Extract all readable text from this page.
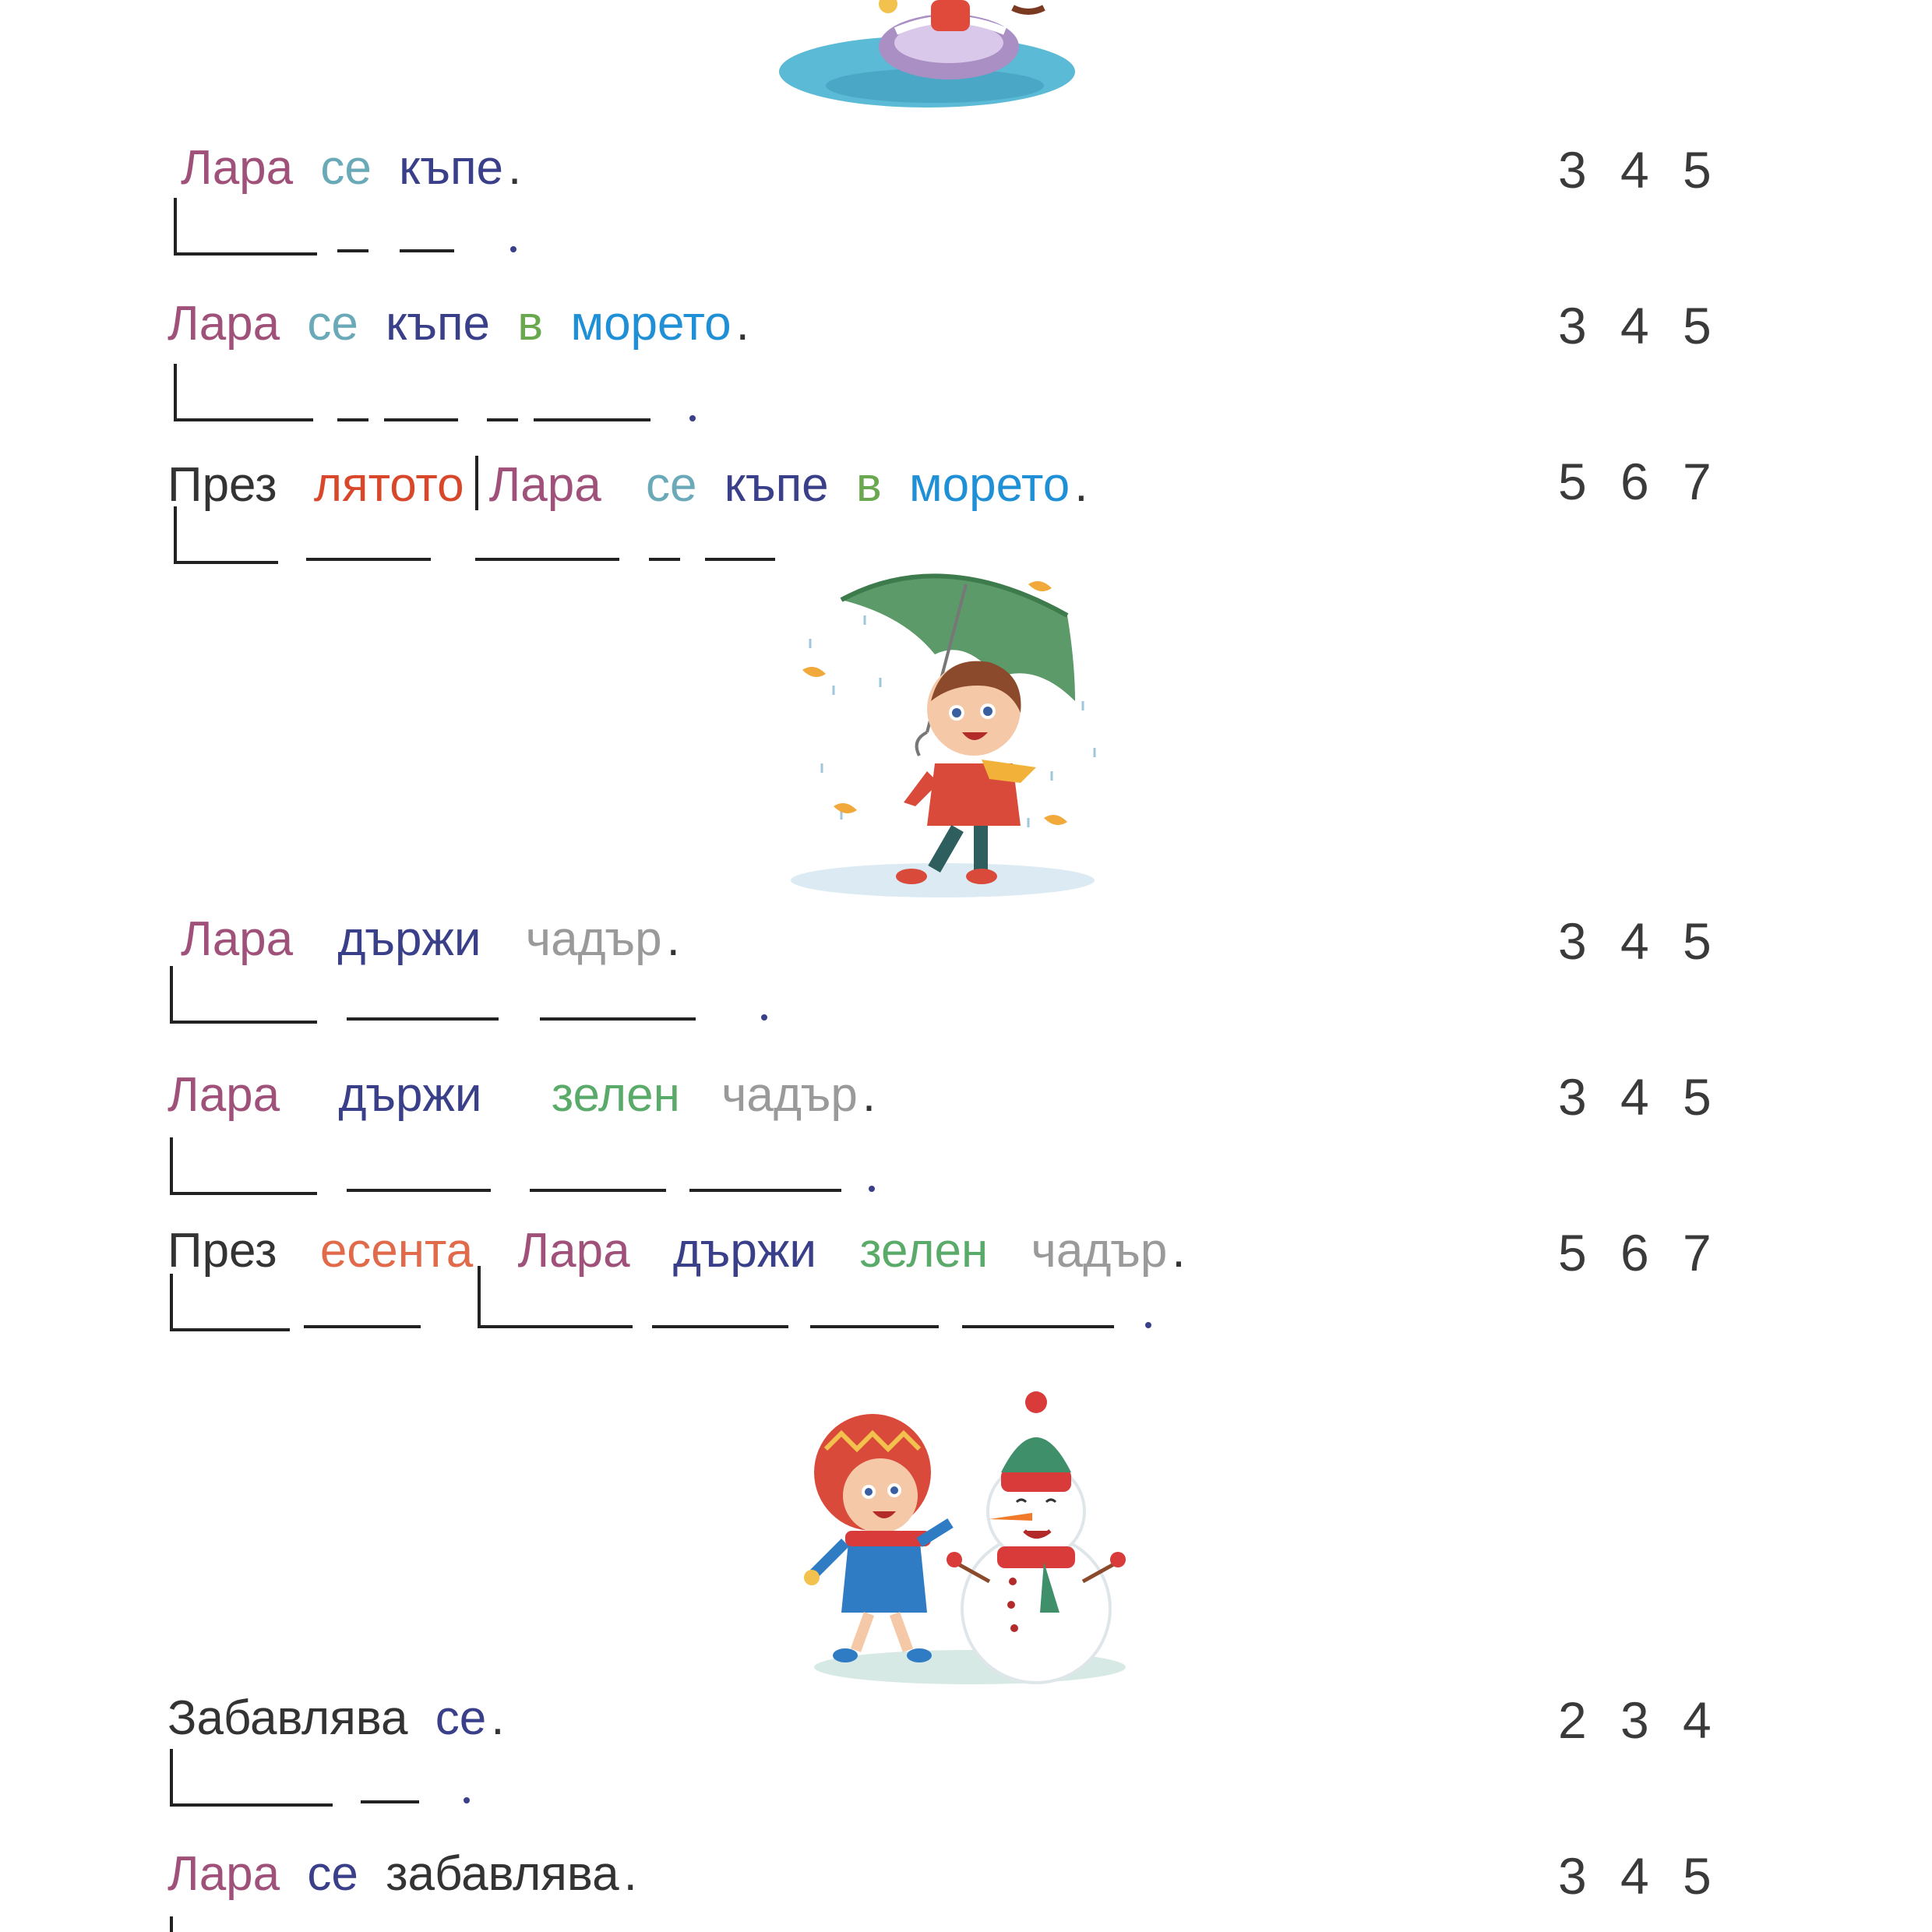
Лара се къпе.	3 4 5
Лара се къпе в морето.	3 4 5
През лятото Лара се къпе в морето.	5 6 7
Лара държи чадър.	3 4 5
Лара държи зелен чадър.	3 4 5
През есента Лара държи зелен чадър.	5 6 7
Забавлява се.	2 3 4
Лара се забавлява.	3 4 5
